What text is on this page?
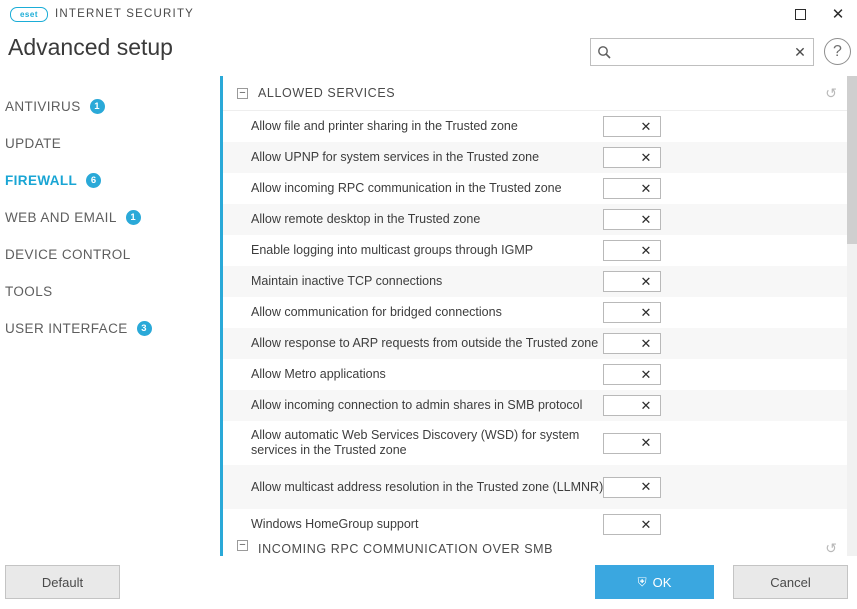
eset	INTERNET SECURITY	✕
Advanced setup	✕	?
ANTIVIRUS	1
UPDATE
FIREWALL	6
WEB AND EMAIL	1
DEVICE CONTROL
TOOLS
USER INTERFACE	3
− ALLOWED SERVICES	↺
Allow file and printer sharing in the Trusted zone	✕
Allow UPNP for system services in the Trusted zone	✕
Allow incoming RPC communication in the Trusted zone	✕
Allow remote desktop in the Trusted zone	✕
Enable logging into multicast groups through IGMP	✕
Maintain inactive TCP connections	✕
Allow communication for bridged connections	✕
Allow response to ARP requests from outside the Trusted zone	✕
Allow Metro applications	✕
Allow incoming connection to admin shares in SMB protocol	✕
Allow automatic Web Services Discovery (WSD) for system services in the Trusted zone	✕
Allow multicast address resolution in the Trusted zone (LLMNR)	✕
Windows HomeGroup support	✕
− INCOMING RPC COMMUNICATION OVER SMB	↺
Default	⛨ OK	Cancel
